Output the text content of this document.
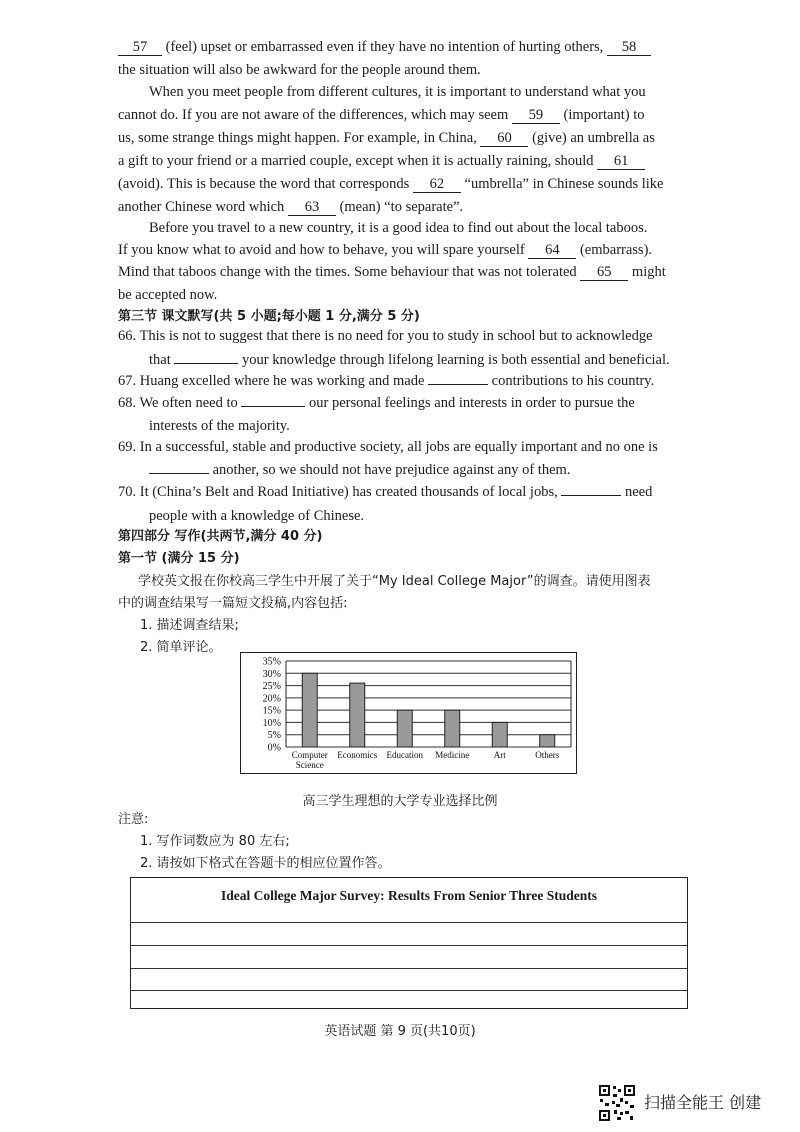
57 (feel) upset or embarrassed even if they have no intention of hurting others, 58
the situation will also be awkward for the people around them.
When you meet people from different cultures, it is important to understand what you
cannot do. If you are not aware of the differences, which may seem 59 (important) to
us, some strange things might happen. For example, in China, 60 (give) an umbrella as
a gift to your friend or a married couple, except when it is actually raining, should 61
(avoid). This is because the word that corresponds 62 “umbrella” in Chinese sounds like
another Chinese word which 63 (mean) “to separate”.
Before you travel to a new country, it is a good idea to find out about the local taboos.
If you know what to avoid and how to behave, you will spare yourself 64 (embarrass).
Mind that taboos change with the times. Some behaviour that was not tolerated 65 might
be accepted now.
第三节 课文默写(共 5 小题;每小题 1 分,满分 5 分)
66. This is not to suggest that there is no need for you to study in school but to acknowledge
that	your knowledge through lifelong learning is both essential and beneficial.
67. Huang excelled where he was working and made	contributions to his country.
68. We often need to	our personal feelings and interests in order to pursue the
interests of the majority.
69. In a successful, stable and productive society, all jobs are equally important and no one is
another, so we should not have prejudice against any of them.
70. It (China’s Belt and Road Initiative) has created thousands of local jobs,	need
people with a knowledge of Chinese.
第四部分 写作(共两节,满分 40 分)
第一节 (满分 15 分)
学校英文报在你校高三学生中开展了关于“My Ideal College Major”的调查。请使用图表
中的调查结果写一篇短文投稿,内容包括:
1. 描述调查结果;
2. 简单评论。
0%
5%
10%
15%
20%
25%
30%
35%
Computer
Science
Economics Education Medicine	Art	Others
高三学生理想的大学专业选择比例
注意:
1. 写作词数应为 80 左右;
2. 请按如下格式在答题卡的相应位置作答。
Ideal College Major Survey: Results From Senior Three Students
英语试题 第 9 页(共10页)
扫描全能王 创建
